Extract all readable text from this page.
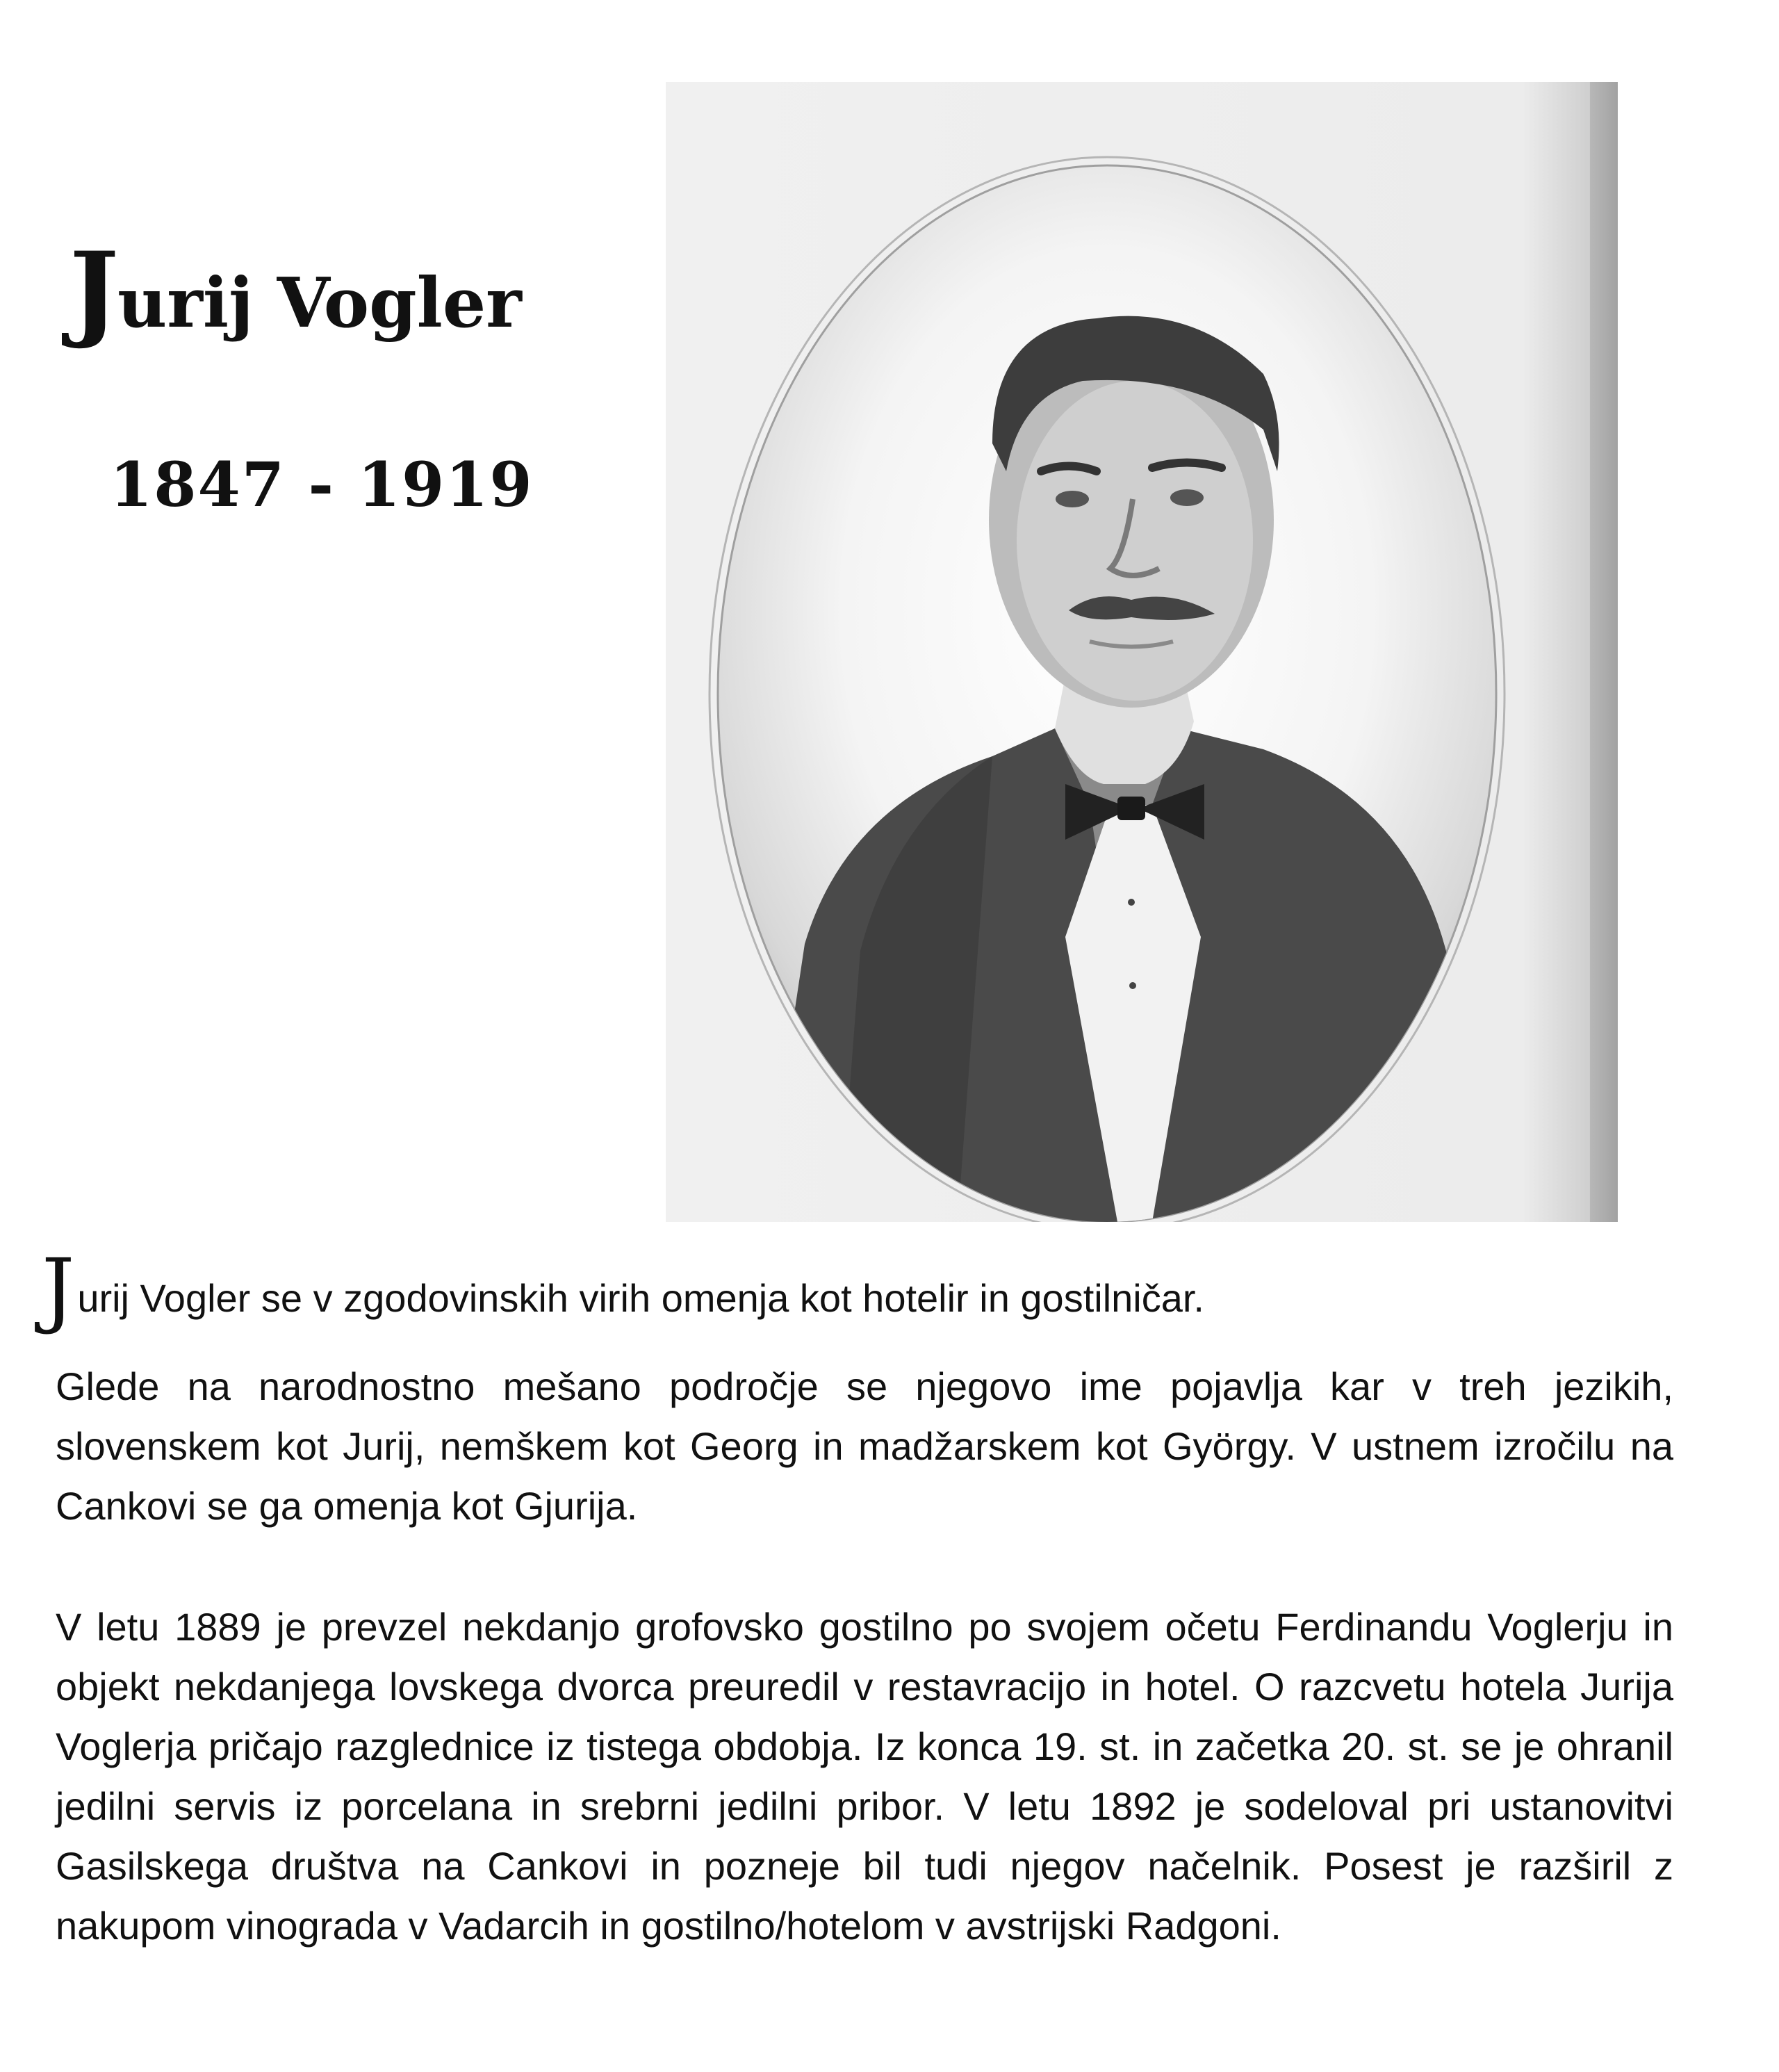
Jurij Vogler
1847 - 1919
Jurij Vogler se v zgodovinskih virih omenja kot hotelir in gostilničar.

Glede na narodnostno mešano področje se njegovo ime pojavlja kar v treh jezikih, slovenskem kot Jurij, nemškem kot Georg in madžarskem kot György. V ustnem izročilu na Cankovi se ga omenja kot Gjurija.

V letu 1889 je prevzel nekdanjo grofovsko gostilno po svojem očetu Ferdinandu Voglerju in objekt nekdanjega lovskega dvorca preuredil v restavracijo in hotel. O razcvetu hotela Jurija Voglerja pričajo razglednice iz tistega obdobja. Iz konca 19. st. in začetka 20. st. se je ohranil jedilni servis iz porcelana in srebrni jedilni pribor. V letu 1892 je sodeloval pri ustanovitvi Gasilskega društva na Cankovi in pozneje bil tudi njegov načelnik. Posest je razširil z nakupom vinograda v Vadarcih in gostilno/hotelom v avstrijski Radgoni.
